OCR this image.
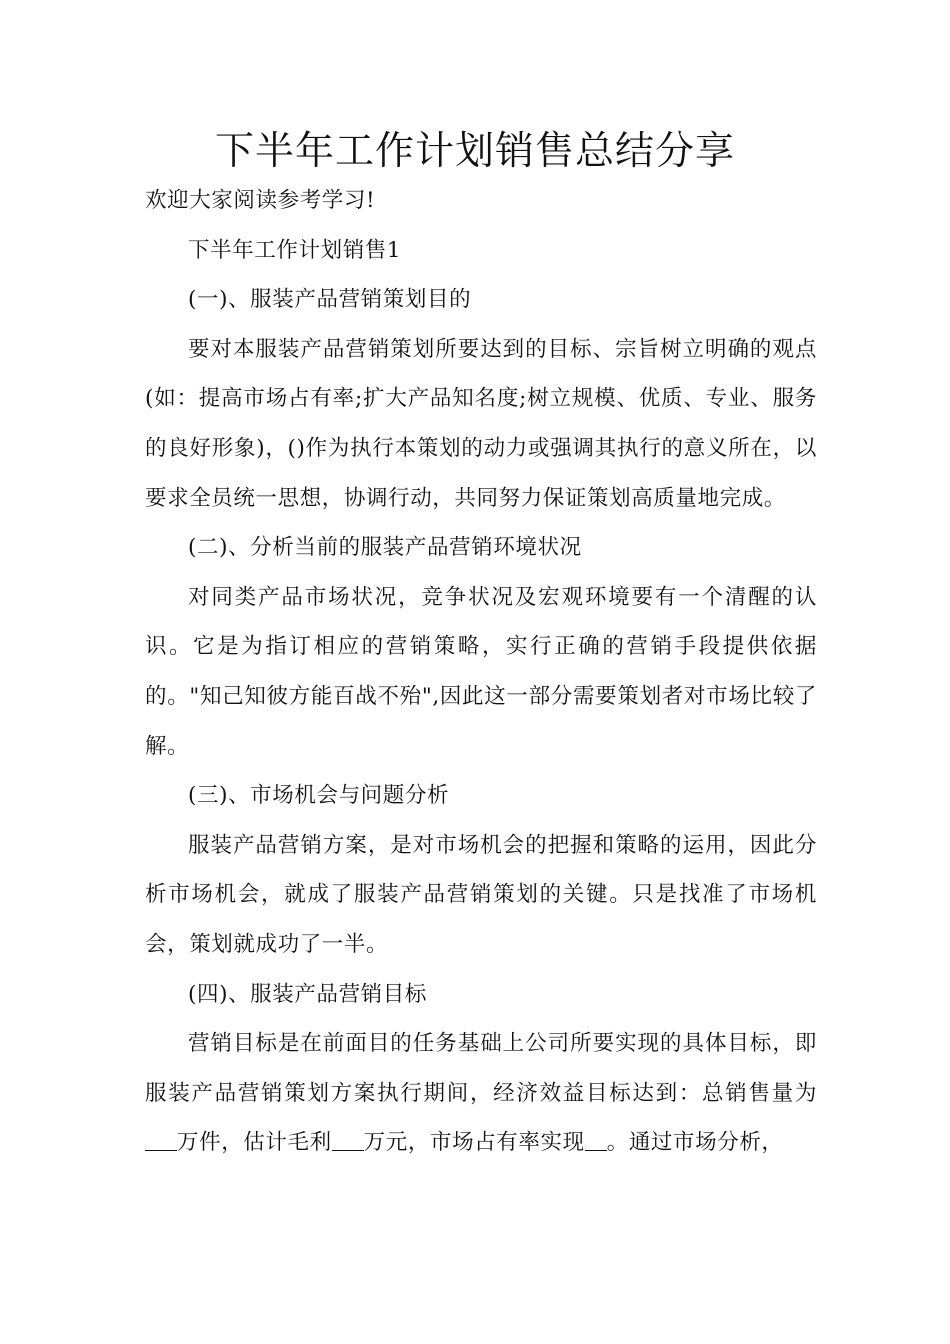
下半年工作计划销售总结分享

欢迎大家阅读参考学习!

下半年工作计划销售1

(一)、服装产品营销策划目的

要对本服装产品营销策划所要达到的目标、宗旨树立明确的观点(如：提高市场占有率;扩大产品知名度;树立规模、优质、专业、服务的良好形象)，()作为执行本策划的动力或强调其执行的意义所在，以要求全员统一思想，协调行动，共同努力保证策划高质量地完成。

(二)、分析当前的服装产品营销环境状况

对同类产品市场状况，竞争状况及宏观环境要有一个清醒的认识。它是为指订相应的营销策略，实行正确的营销手段提供依据的。"知己知彼方能百战不殆",因此这一部分需要策划者对市场比较了解。

(三)、市场机会与问题分析

服装产品营销方案，是对市场机会的把握和策略的运用，因此分析市场机会，就成了服装产品营销策划的关键。只是找准了市场机会，策划就成功了一半。

(四)、服装产品营销目标

营销目标是在前面目的任务基础上公司所要实现的具体目标，即服装产品营销策划方案执行期间，经济效益目标达到：总销售量为万件，估计毛利 万元，市场占有率实现 。通过市场分析，
